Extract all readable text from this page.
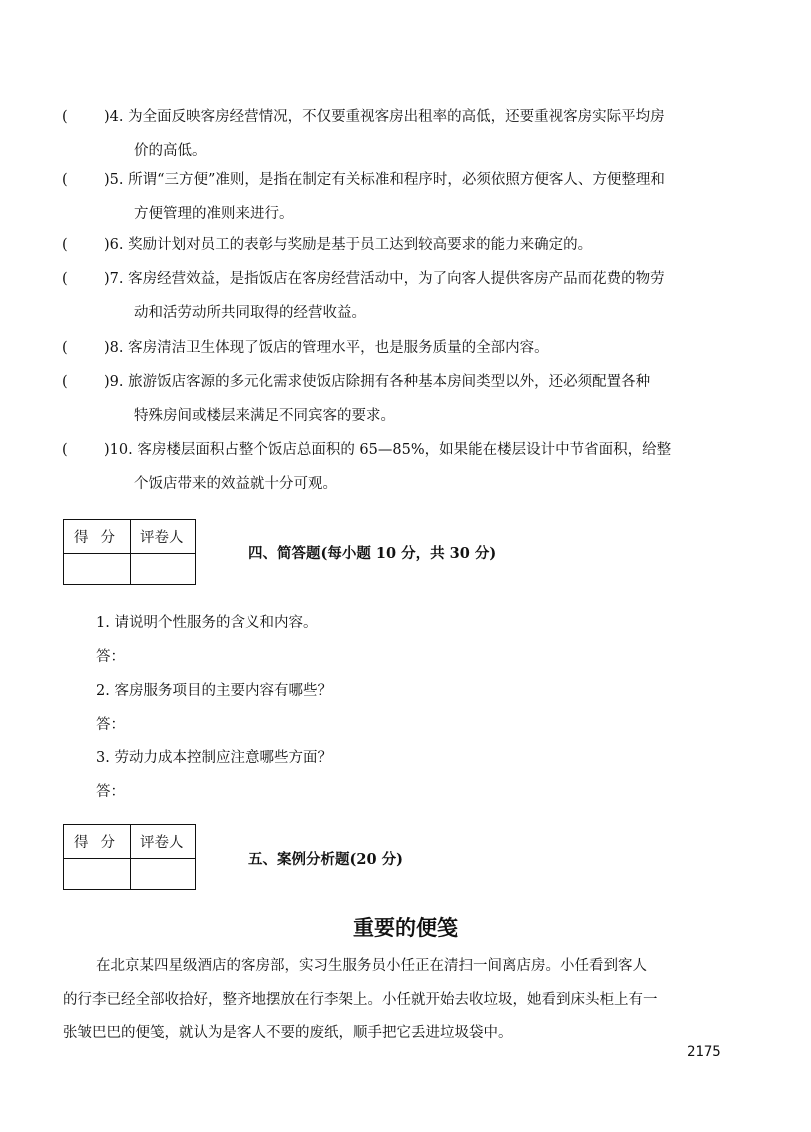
(	)4. 为全面反映客房经营情况，不仅要重视客房出租率的高低，还要重视客房实际平均房
价的高低。
(	)5. 所谓“三方便”准则，是指在制定有关标准和程序时，必须依照方便客人、方便整理和
方便管理的准则来进行。
(	)6. 奖励计划对员工的表彰与奖励是基于员工达到较高要求的能力来确定的。
(	)7. 客房经营效益，是指饭店在客房经营活动中，为了向客人提供客房产品而花费的物劳
动和活劳动所共同取得的经营收益。
(	)8. 客房清洁卫生体现了饭店的管理水平，也是服务质量的全部内容。
(	)9. 旅游饭店客源的多元化需求使饭店除拥有各种基本房间类型以外，还必须配置各种
特殊房间或楼层来满足不同宾客的要求。
(	)10. 客房楼层面积占整个饭店总面积的 65—85%，如果能在楼层设计中节省面积，给整
个饭店带来的效益就十分可观。
得分 评卷人
四、简答题(每小题 10 分，共 30 分)
1. 请说明个性服务的含义和内容。
答：
2. 客房服务项目的主要内容有哪些？
答：
3. 劳动力成本控制应注意哪些方面？
答：
得分 评卷人
五、案例分析题(20 分)
重要的便笺
在北京某四星级酒店的客房部，实习生服务员小任正在清扫一间离店房。小任看到客人
的行李已经全部收拾好，整齐地摆放在行李架上。小任就开始去收垃圾，她看到床头柜上有一
张皱巴巴的便笺，就认为是客人不要的废纸，顺手把它丢进垃圾袋中。
2175
